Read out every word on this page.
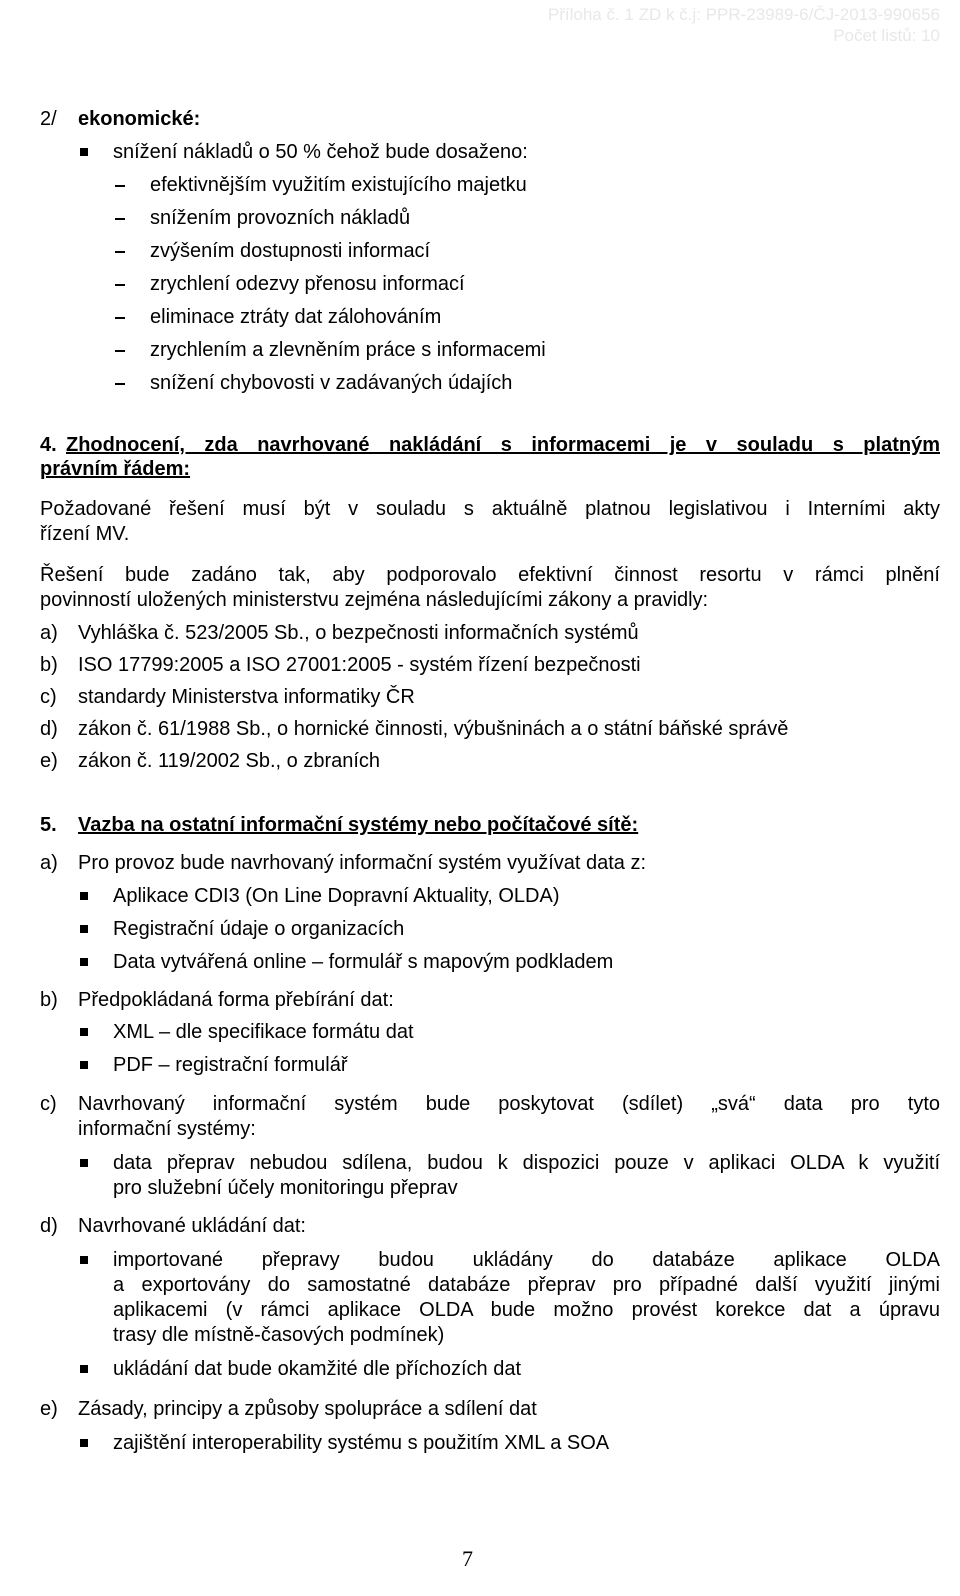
Příloha č. 1 ZD k č.j: PPR-23989-6/ČJ-2013-990656
Počet listů: 10
2/ ekonomické:
snížení nákladů o 50 % čehož bude dosaženo:
efektivnějším využitím existujícího majetku
snížením provozních nákladů
zvýšením dostupnosti informací
zrychlení odezvy přenosu informací
eliminace ztráty dat zálohováním
zrychlením a zlevněním práce s informacemi
snížení chybovosti v zadávaných údajích
4. Zhodnocení, zda navrhované nakládání s informacemi je v souladu s platným
právním řádem:
Požadované řešení musí být v souladu s aktuálně platnou legislativou i Interními akty
řízení MV.
Řešení bude zadáno tak, aby podporovalo efektivní činnost resortu v rámci plnění
povinností uložených ministerstvu zejména následujícími zákony a pravidly:
a) Vyhláška č. 523/2005 Sb., o bezpečnosti informačních systémů
b) ISO 17799:2005 a ISO 27001:2005 - systém řízení bezpečnosti
c) standardy Ministerstva informatiky ČR
d) zákon č. 61/1988 Sb., o hornické činnosti, výbušninách a o státní báňské správě
e) zákon č. 119/2002 Sb., o zbraních
5. Vazba na ostatní informační systémy nebo počítačové sítě:
a) Pro provoz bude navrhovaný informační systém využívat data z:
Aplikace CDI3 (On Line Dopravní Aktuality, OLDA)
Registrační údaje o organizacích
Data vytvářená online – formulář s mapovým podkladem
b) Předpokládaná forma přebírání dat:
XML – dle specifikace formátu dat
PDF – registrační formulář
c) Navrhovaný informační systém bude poskytovat (sdílet) „svá“ data pro tyto
informační systémy:
data přeprav nebudou sdílena, budou k dispozici pouze v aplikaci OLDA k využití
pro služební účely monitoringu přeprav
d) Navrhované ukládání dat:
importované přepravy budou ukládány do databáze aplikace OLDA
a exportovány do samostatné databáze přeprav pro případné další využití jinými
aplikacemi (v rámci aplikace OLDA bude možno provést korekce dat a úpravu
trasy dle místně-časových podmínek)
ukládání dat bude okamžité dle příchozích dat
e) Zásady, principy a způsoby spolupráce a sdílení dat
zajištění interoperability systému s použitím XML a SOA
7
